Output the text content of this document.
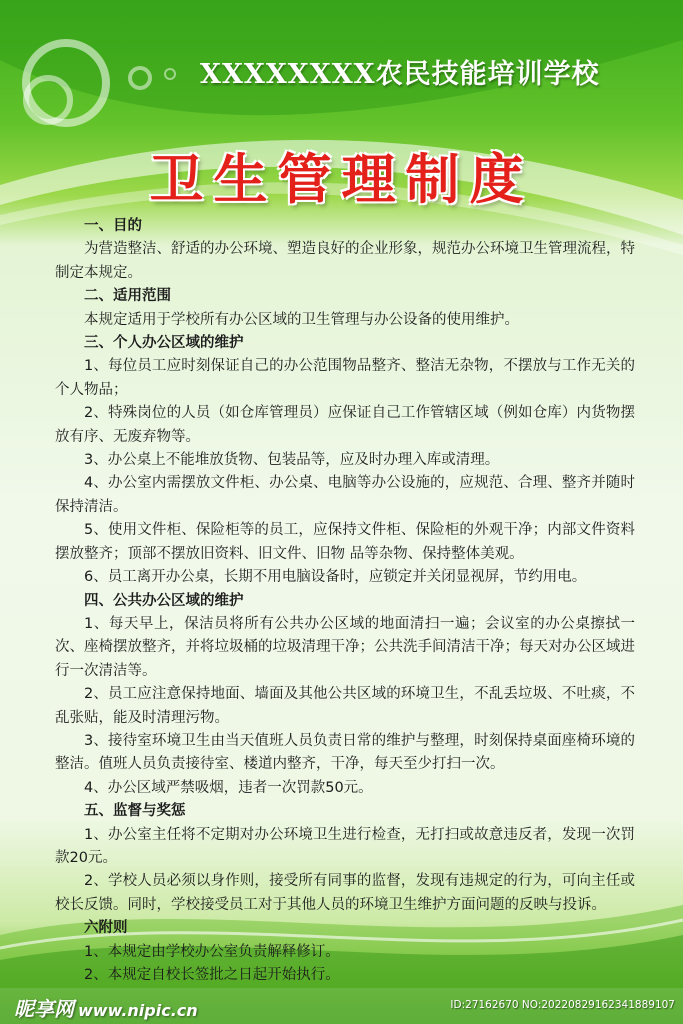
XXXXXXXX农民技能培训学校
卫生管理制度
一、目的

为营造整洁、舒适的办公环境、塑造良好的企业形象，规范办公环境卫生管理流程，特制定本规定。

二、适用范围

本规定适用于学校所有办公区域的卫生管理与办公设备的使用维护。

三、个人办公区域的维护

1、每位员工应时刻保证自己的办公范围物品整齐、整洁无杂物，不摆放与工作无关的个人物品；

2、特殊岗位的人员（如仓库管理员）应保证自己工作管辖区域（例如仓库）内货物摆放有序、无废弃物等。

3、办公桌上不能堆放货物、包装品等，应及时办理入库或清理。

4、办公室内需摆放文件柜、办公桌、电脑等办公设施的，应规范、合理、整齐并随时保持清洁。

5、使用文件柜、保险柜等的员工，应保持文件柜、保险柜的外观干净；内部文件资料摆放整齐；顶部不摆放旧资料、旧文件、旧物 品等杂物、保持整体美观。

6、员工离开办公桌，长期不用电脑设备时，应锁定并关闭显视屏，节约用电。

四、公共办公区域的维护

1、每天早上，保洁员将所有公共办公区域的地面清扫一遍；会议室的办公桌擦拭一次、座椅摆放整齐，并将垃圾桶的垃圾清理干净；公共洗手间清洁干净；每天对办公区域进行一次清洁等。

2、员工应注意保持地面、墙面及其他公共区域的环境卫生，不乱丢垃圾、不吐痰，不乱张贴，能及时清理污物。

3、接待室环境卫生由当天值班人员负责日常的维护与整理，时刻保持桌面座椅环境的整洁。值班人员负责接待室、楼道内整齐，干净，每天至少打扫一次。

4、办公区域严禁吸烟，违者一次罚款50元。

五、监督与奖惩

1、办公室主任将不定期对办公环境卫生进行检查，无打扫或故意违反者，发现一次罚款20元。

2、学校人员必须以身作则，接受所有同事的监督，发现有违规定的行为，可向主任或校长反馈。同时，学校接受员工对于其他人员的环境卫生维护方面问题的反映与投诉。

六附则

1、本规定由学校办公室负责解释修订。

2、本规定自校长签批之日起开始执行。

昵享网 www.nipic.cn	ID:27162670 NO:20220829162341889107
